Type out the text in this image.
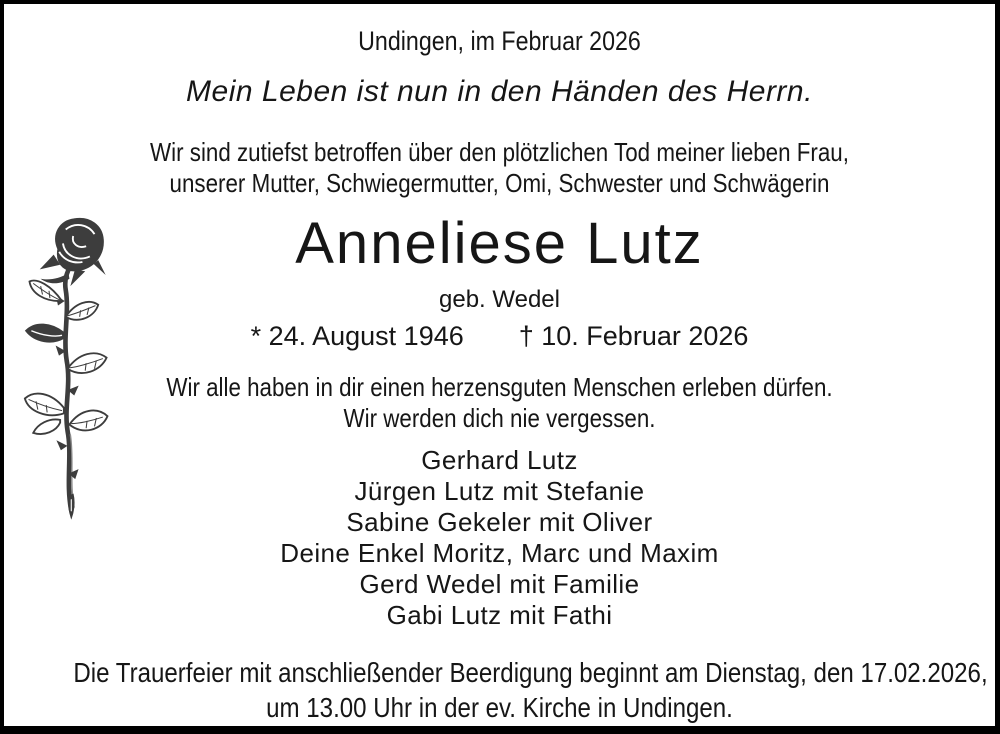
Undingen, im Februar 2026
Mein Leben ist nun in den Händen des Herrn.
Wir sind zutiefst betroffen über den plötzlichen Tod meiner lieben Frau,
unserer Mutter, Schwiegermutter, Omi, Schwester und Schwägerin
Anneliese Lutz
geb. Wedel
* 24. August 1946 † 10. Februar 2026
Wir alle haben in dir einen herzensguten Menschen erleben dürfen.
Wir werden dich nie vergessen.
Gerhard Lutz
Jürgen Lutz mit Stefanie
Sabine Gekeler mit Oliver
Deine Enkel Moritz, Marc und Maxim
Gerd Wedel mit Familie
Gabi Lutz mit Fathi
Die Trauerfeier mit anschließender Beerdigung beginnt am Dienstag, den 17.02.2026,
um 13.00 Uhr in der ev. Kirche in Undingen.
